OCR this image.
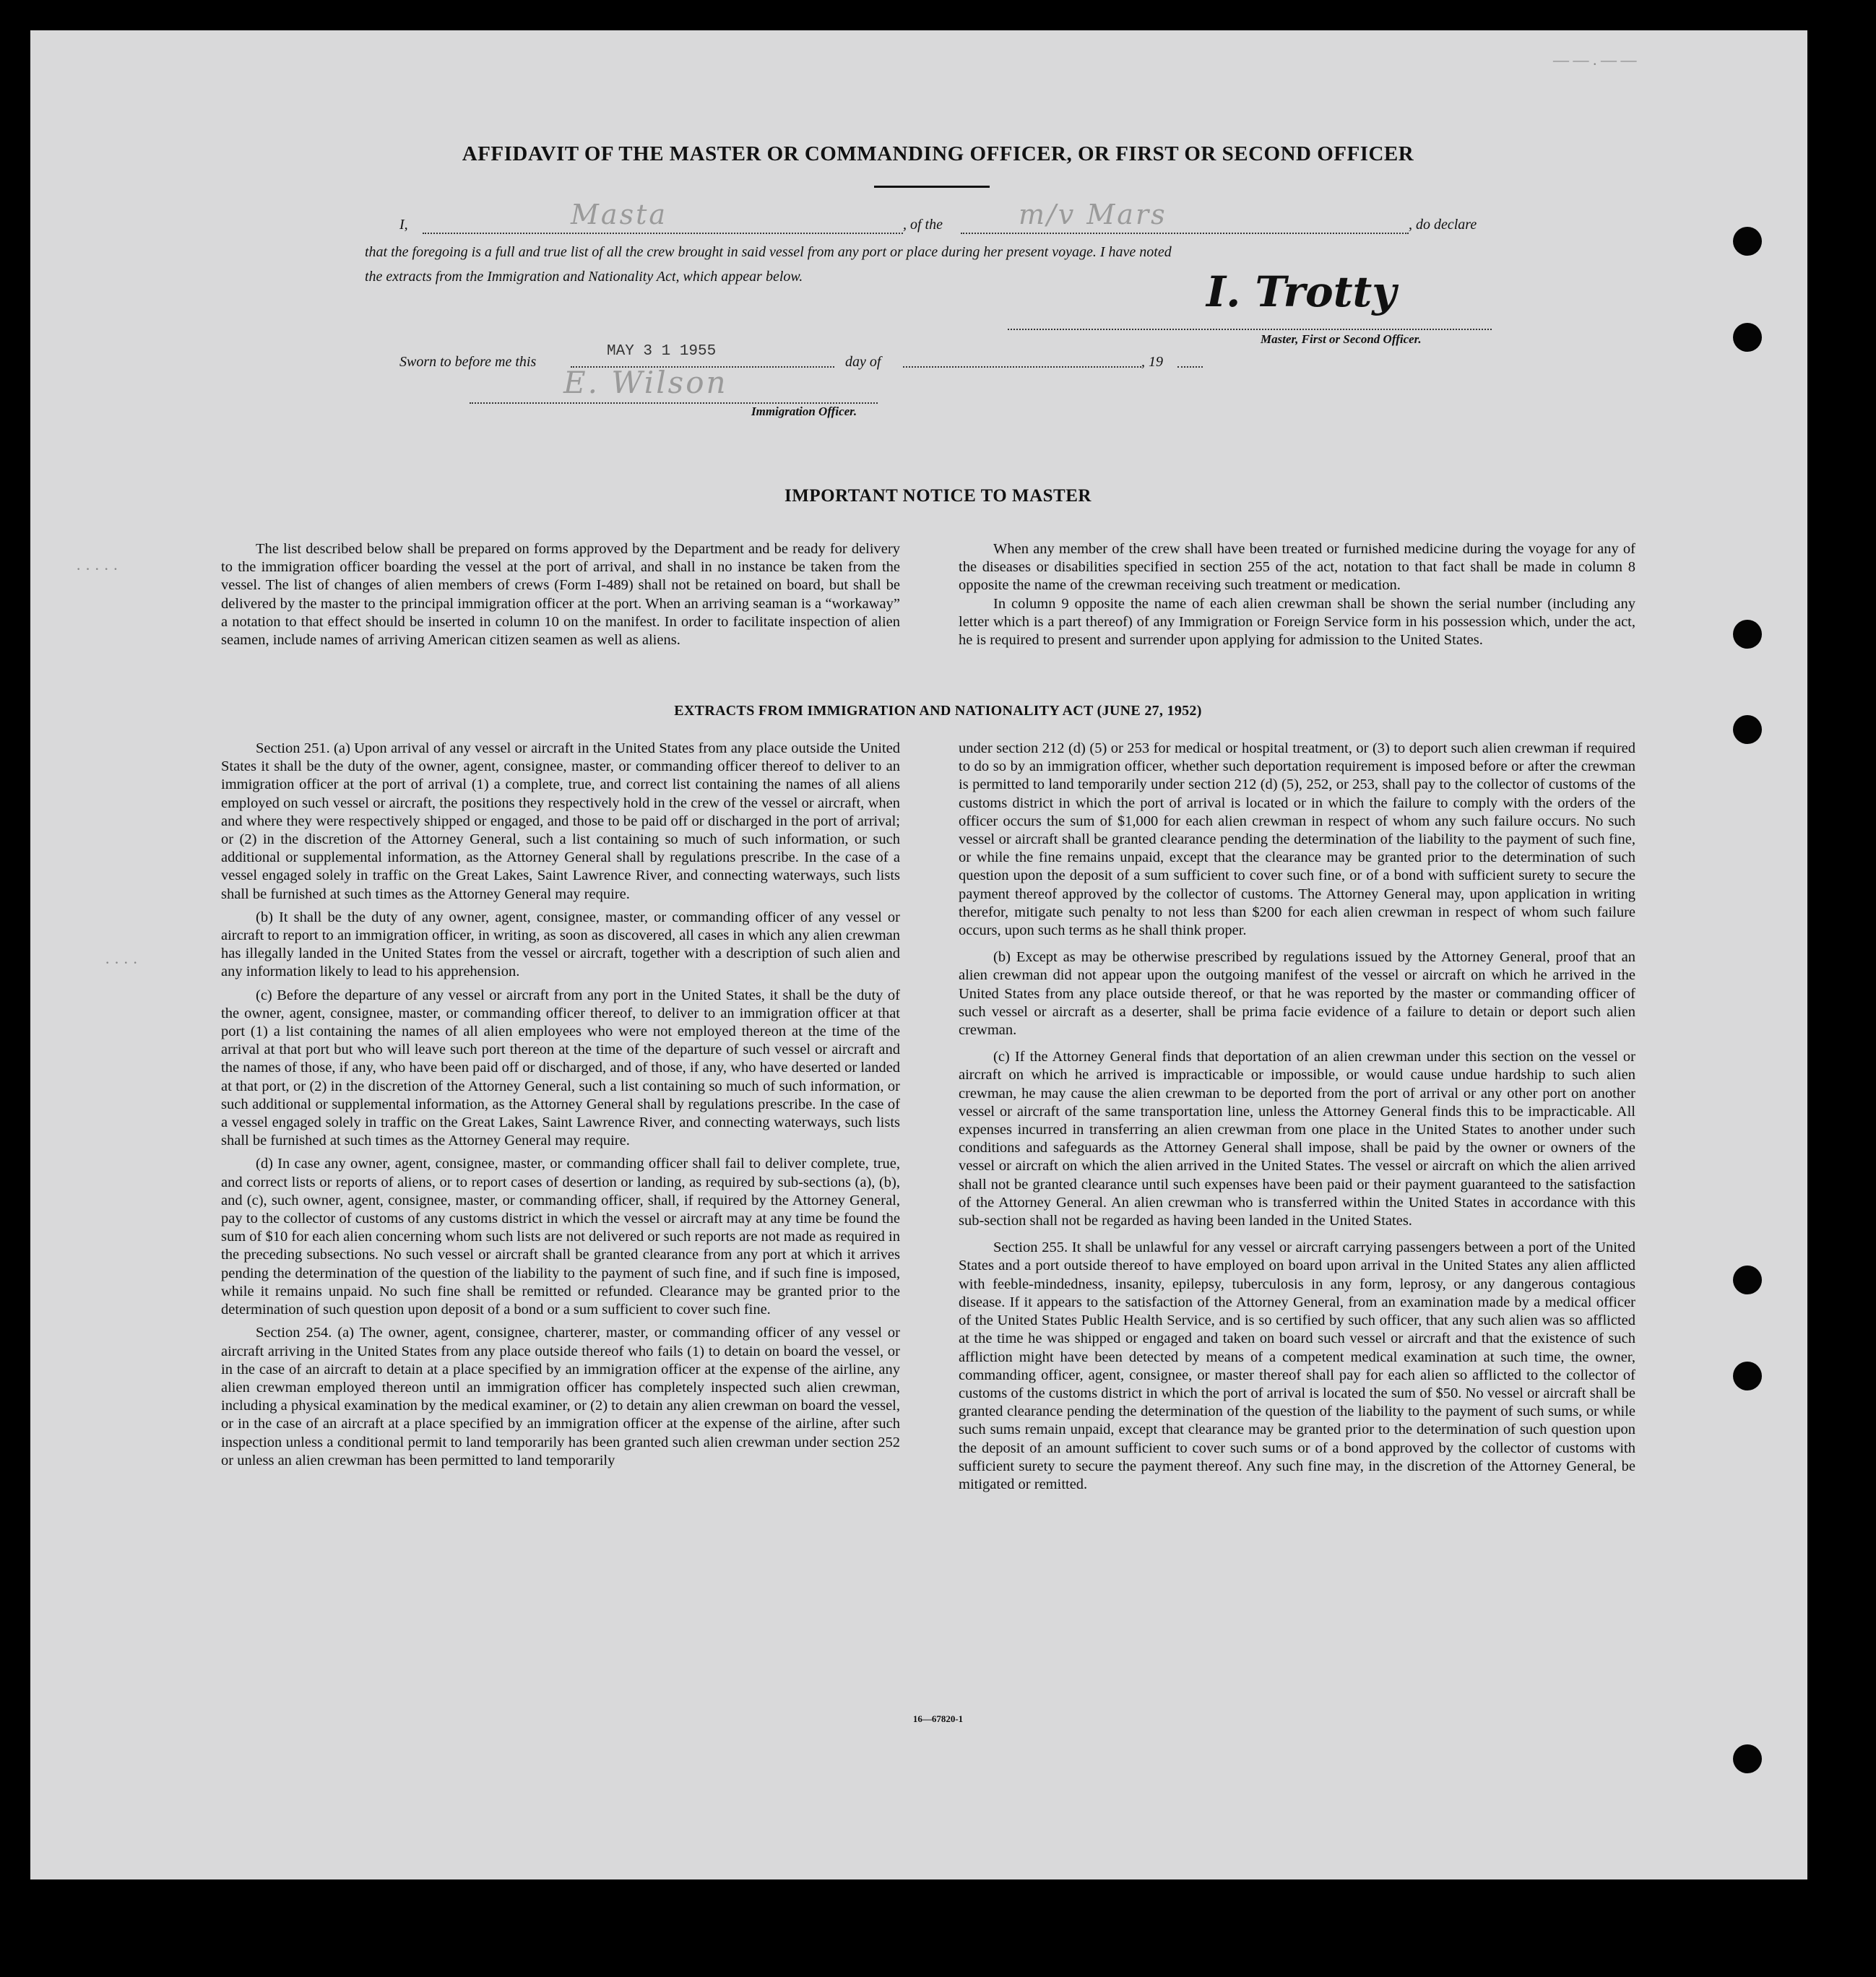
— — . — —
· · · · ·
· · · ·
AFFIDAVIT OF THE MASTER OR COMMANDING OFFICER, OR FIRST OR SECOND OFFICER
I,	Masta	, of the	m/v Mars	, do declare
that the foregoing is a full and true list of all the crew brought in said vessel from any port or place during her present voyage. I have noted
the extracts from the Immigration and Nationality Act, which appear below.	I. Trotty
Master, First or Second Officer.
Sworn to before me this
MAY 3 1 1955
day of	, 19
E. Wilson
Immigration Officer.
IMPORTANT NOTICE TO MASTER

The list described below shall be prepared on forms approved by the Department and be ready for delivery to the immigration officer boarding the vessel at the port of arrival, and shall in no instance be taken from the vessel. The list of changes of alien members of crews (Form I-489) shall not be retained on board, but shall be delivered by the master to the principal immigration officer at the port. When an arriving seaman is a “workaway” a notation to that effect should be inserted in column 10 on the manifest. In order to facilitate inspection of alien seamen, include names of arriving American citizen seamen as well as aliens.

When any member of the crew shall have been treated or furnished medicine during the voyage for any of the diseases or disabilities specified in section 255 of the act, notation to that fact shall be made in column 8 opposite the name of the crewman receiving such treatment or medication.

In column 9 opposite the name of each alien crewman shall be shown the serial number (including any letter which is a part thereof) of any Immigration or Foreign Service form in his possession which, under the act, he is required to present and surrender upon applying for admission to the United States.

EXTRACTS FROM IMMIGRATION AND NATIONALITY ACT (JUNE 27, 1952)

Section 251. (a) Upon arrival of any vessel or aircraft in the United States from any place outside the United States it shall be the duty of the owner, agent, consignee, master, or commanding officer thereof to deliver to an immigration officer at the port of arrival (1) a complete, true, and correct list containing the names of all aliens employed on such vessel or aircraft, the positions they respectively hold in the crew of the vessel or aircraft, when and where they were respectively shipped or engaged, and those to be paid off or discharged in the port of arrival; or (2) in the discretion of the Attorney General, such a list containing so much of such information, or such additional or supplemental information, as the Attorney General shall by regulations prescribe. In the case of a vessel engaged solely in traffic on the Great Lakes, Saint Lawrence River, and connecting waterways, such lists shall be furnished at such times as the Attorney General may require.

(b) It shall be the duty of any owner, agent, consignee, master, or commanding officer of any vessel or aircraft to report to an immigration officer, in writing, as soon as discovered, all cases in which any alien crewman has illegally landed in the United States from the vessel or aircraft, together with a description of such alien and any information likely to lead to his apprehension.

(c) Before the departure of any vessel or aircraft from any port in the United States, it shall be the duty of the owner, agent, consignee, master, or commanding officer thereof, to deliver to an immigration officer at that port (1) a list containing the names of all alien employees who were not employed thereon at the time of the arrival at that port but who will leave such port thereon at the time of the departure of such vessel or aircraft and the names of those, if any, who have been paid off or discharged, and of those, if any, who have deserted or landed at that port, or (2) in the discretion of the Attorney General, such a list containing so much of such information, or such additional or supplemental information, as the Attorney General shall by regulations prescribe. In the case of a vessel engaged solely in traffic on the Great Lakes, Saint Lawrence River, and connecting waterways, such lists shall be furnished at such times as the Attorney General may require.

(d) In case any owner, agent, consignee, master, or commanding officer shall fail to deliver complete, true, and correct lists or reports of aliens, or to report cases of desertion or landing, as required by sub-sections (a), (b), and (c), such owner, agent, consignee, master, or commanding officer, shall, if required by the Attorney General, pay to the collector of customs of any customs district in which the vessel or aircraft may at any time be found the sum of $10 for each alien concerning whom such lists are not delivered or such reports are not made as required in the preceding subsections. No such vessel or aircraft shall be granted clearance from any port at which it arrives pending the determination of the question of the liability to the payment of such fine, and if such fine is imposed, while it remains unpaid. No such fine shall be remitted or refunded. Clearance may be granted prior to the determination of such question upon deposit of a bond or a sum sufficient to cover such fine.

Section 254. (a) The owner, agent, consignee, charterer, master, or commanding officer of any vessel or aircraft arriving in the United States from any place outside thereof who fails (1) to detain on board the vessel, or in the case of an aircraft to detain at a place specified by an immigration officer at the expense of the airline, any alien crewman employed thereon until an immigration officer has completely inspected such alien crewman, including a physical examination by the medical examiner, or (2) to detain any alien crewman on board the vessel, or in the case of an aircraft at a place specified by an immigration officer at the expense of the airline, after such inspection unless a conditional permit to land temporarily has been granted such alien crewman under section 252 or unless an alien crewman has been permitted to land temporarily

under section 212 (d) (5) or 253 for medical or hospital treatment, or (3) to deport such alien crewman if required to do so by an immigration officer, whether such deportation requirement is imposed before or after the crewman is permitted to land temporarily under section 212 (d) (5), 252, or 253, shall pay to the collector of customs of the customs district in which the port of arrival is located or in which the failure to comply with the orders of the officer occurs the sum of $1,000 for each alien crewman in respect of whom any such failure occurs. No such vessel or aircraft shall be granted clearance pending the determination of the liability to the payment of such fine, or while the fine remains unpaid, except that the clearance may be granted prior to the determination of such question upon the deposit of a sum sufficient to cover such fine, or of a bond with sufficient surety to secure the payment thereof approved by the collector of customs. The Attorney General may, upon application in writing therefor, mitigate such penalty to not less than $200 for each alien crewman in respect of whom such failure occurs, upon such terms as he shall think proper.

(b) Except as may be otherwise prescribed by regulations issued by the Attorney General, proof that an alien crewman did not appear upon the outgoing manifest of the vessel or aircraft on which he arrived in the United States from any place outside thereof, or that he was reported by the master or commanding officer of such vessel or aircraft as a deserter, shall be prima facie evidence of a failure to detain or deport such alien crewman.

(c) If the Attorney General finds that deportation of an alien crewman under this section on the vessel or aircraft on which he arrived is impracticable or impossible, or would cause undue hardship to such alien crewman, he may cause the alien crewman to be deported from the port of arrival or any other port on another vessel or aircraft of the same transportation line, unless the Attorney General finds this to be impracticable. All expenses incurred in transferring an alien crewman from one place in the United States to another under such conditions and safeguards as the Attorney General shall impose, shall be paid by the owner or owners of the vessel or aircraft on which the alien arrived in the United States. The vessel or aircraft on which the alien arrived shall not be granted clearance until such expenses have been paid or their payment guaranteed to the satisfaction of the Attorney General. An alien crewman who is transferred within the United States in accordance with this sub-section shall not be regarded as having been landed in the United States.

Section 255. It shall be unlawful for any vessel or aircraft carrying passengers between a port of the United States and a port outside thereof to have employed on board upon arrival in the United States any alien afflicted with feeble-mindedness, insanity, epilepsy, tuberculosis in any form, leprosy, or any dangerous contagious disease. If it appears to the satisfaction of the Attorney General, from an examination made by a medical officer of the United States Public Health Service, and is so certified by such officer, that any such alien was so afflicted at the time he was shipped or engaged and taken on board such vessel or aircraft and that the existence of such affliction might have been detected by means of a competent medical examination at such time, the owner, commanding officer, agent, consignee, or master thereof shall pay for each alien so afflicted to the collector of customs of the customs district in which the port of arrival is located the sum of $50. No vessel or aircraft shall be granted clearance pending the determination of the question of the liability to the payment of such sums, or while such sums remain unpaid, except that clearance may be granted prior to the determination of such question upon the deposit of an amount sufficient to cover such sums or of a bond approved by the collector of customs with sufficient surety to secure the payment thereof. Any such fine may, in the discretion of the Attorney General, be mitigated or remitted.

16—67820-1
